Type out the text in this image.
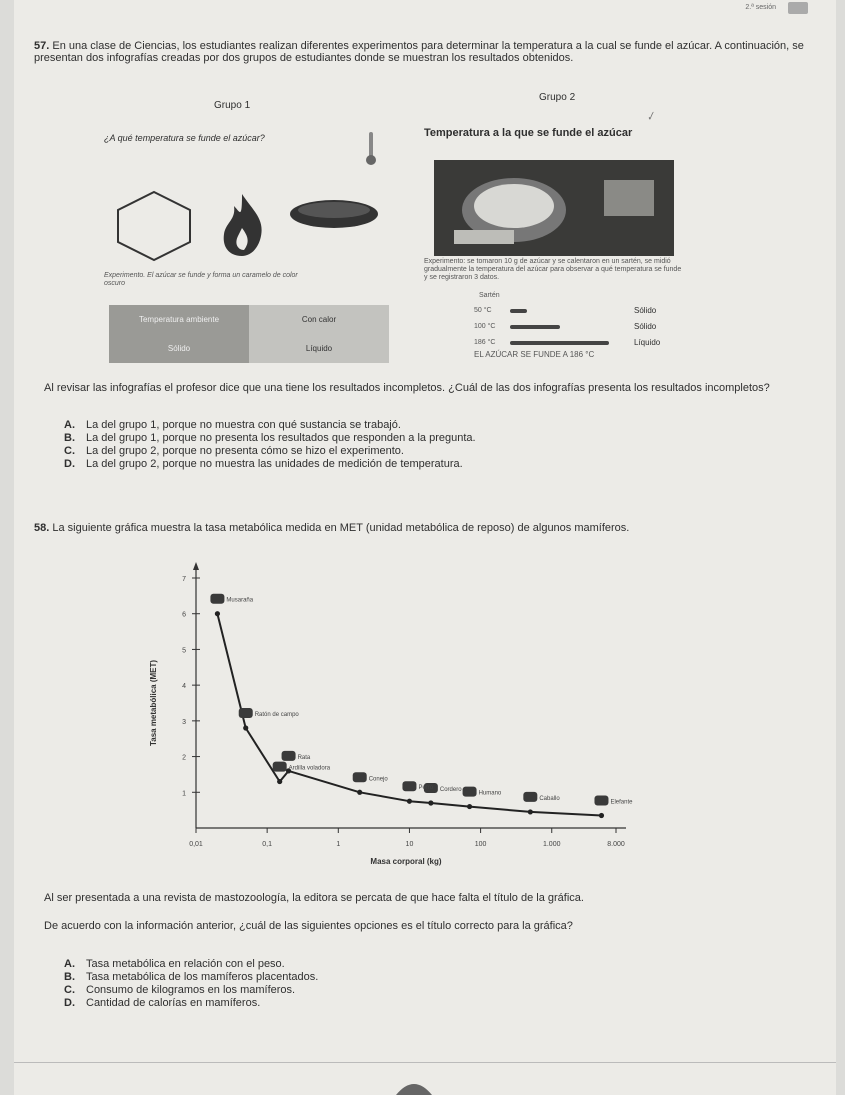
2.ª sesión
57. En una clase de Ciencias, los estudiantes realizan diferentes experimentos para determinar la temperatura a la cual se funde el azúcar. A continuación, se presentan dos infografías creadas por dos grupos de estudiantes donde se muestran los resultados obtenidos.
Grupo 1
Grupo 2
¿A qué temperatura se funde el azúcar?
Experimento. El azúcar se funde y forma un caramelo de color oscuro
Temperatura ambiente	Con calor
Sólido	Líquido
Temperatura a la que se funde el azúcar
✓
Experimento: se tomaron 10 g de azúcar y se calentaron en un sartén, se midió gradualmente la temperatura del azúcar para observar a qué temperatura se funde y se registraron 3 datos.
Sartén
50 °C	Sólido
100 °C	Sólido
186 °C	Líquido
EL AZÚCAR SE FUNDE A 186 °C
Al revisar las infografías el profesor dice que una tiene los resultados incompletos. ¿Cuál de las dos infografías presenta los resultados incompletos?
A. La del grupo 1, porque no muestra con qué sustancia se trabajó.
B. La del grupo 1, porque no presenta los resultados que responden a la pregunta.
C. La del grupo 2, porque no presenta cómo se hizo el experimento.
D. La del grupo 2, porque no muestra las unidades de medición de temperatura.
58. La siguiente gráfica muestra la tasa metabólica medida en MET (unidad metabólica de reposo) de algunos mamíferos.
0,01	0,1	1	10	100	1.000	8.000
1
2
3
4
5
6
7
Masa corporal (kg)
Tasa metabólica (MET)
Musaraña
Ratón de campo
Rata
Ardilla voladora
Conejo
Perro Cordero
Humano
Caballo
Elefante
Al ser presentada a una revista de mastozoología, la editora se percata de que hace falta el título de la gráfica.
De acuerdo con la información anterior, ¿cuál de las siguientes opciones es el título correcto para la gráfica?
A. Tasa metabólica en relación con el peso.
B. Tasa metabólica de los mamíferos placentados.
C. Consumo de kilogramos en los mamíferos.
D. Cantidad de calorías en mamíferos.
